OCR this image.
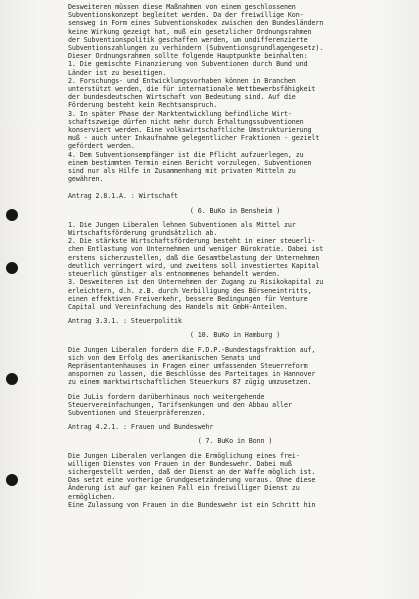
Desweiteren müssen diese Maßnahmen von einem geschlossenen

Subventionskonzept begleitet werden. Da der freiwillige Kon-

sensweg in Form eines Subventionskodex zwischen den Bundesländern

keine Wirkung gezeigt hat, muß ein gesetzlicher Ordnungsrahmen

der Subventionspolitik geschaffen werden, um undifferenzierte

Subventionszahlungen zu verhindern (Subventionsgrundlagengesetz).

Dieser Ordnungsrahmen sollte folgende Hauptpunkte beinhalten:

1. Die gemischte Finanzierung von Subventionen durch Bund und

Länder ist zu beseitigen.

2. Forschungs- und Entwicklungsvorhaben können in Branchen

unterstützt werden, die für internationale Wettbewerbsfähigkeit

der bundesdeutschen Wirtschaft von Bedeutung sind. Auf die

Förderung besteht kein Rechtsanspruch.

3. In später Phase der Marktentwicklung befindliche Wirt-

schaftszweige dürfen nicht mehr durch Erhaltungssubventionen

konserviert werden. Eine volkswirtschaftliche Umstrukturierung

muß - auch unter Inkaufnahme gelegentlicher Fraktionen - gezielt

gefördert werden.

4. Dem Subventionsempfänger ist die Pflicht aufzuerlegen, zu

einem bestimmten Termin einen Bericht vorzulegen. Subventionen

sind nur als Hilfe in Zusammenhang mit privaten Mitteln zu

gewähren.

Antrag 2.8.1.A. : Wirtschaft

( 6. BuKo in Bensheim )

1. Die Jungen Liberalen lehnen Subventionen als Mittel zur

Wirtschaftsförderung grundsätzlich ab.

2. Die stärkste Wirtschaftsförderung besteht in einer steuerli-

chen Entlastung von Unternehmen und weniger Bürokratie. Dabei ist

erstens sicherzustellen, daß die Gesamtbelastung der Unternehmen

deutlich verringert wird, und zweitens soll investiertes Kapital

steuerlich günstiger als entnommenes behandelt werden.

3. Desweiteren ist den Unternehmen der Zugang zu Risikokapital zu

erleichtern, d.h. z.B. durch Verbilligung des Börseneintritts,

einen effektiven Freiverkehr, bessere Bedingungen für Venture

Capital und Vereinfachung des Handels mit GmbH-Anteilen.

Antrag 3.3.1. : Steuerpolitik

( 10. BuKo in Hamburg )

Die Jungen Liberalen fordern die F.D.P.-Bundestagsfraktion auf,

sich von dem Erfolg des amerikanischen Senats und

Repräsentantenhauses in Fragen einer umfassenden Steuerreform

anspornen zu lassen, die Beschlüsse des Parteitages in Hannover

zu einem marktwirtschaftlichen Steuerkurs 87 zügig umzusetzen.

Die JuLis fordern darüberhinaus noch weitergehende

Steuervereinfachungen, Tarifsenkungen und den Abbau aller

Subventionen und Steuerpräferenzen.

Antrag 4.2.1. : Frauen und Bundeswehr

( 7. BuKo in Bonn )

Die Jungen Liberalen verlangen die Ermöglichung eines frei-

willigen Dienstes von Frauen in der Bundeswehr. Dabei muß

sichergestellt werden, daß der Dienst an der Waffe möglich ist.

Das setzt eine vorherige Grundgesetzänderung voraus. Ohne diese

Änderung ist auf gar keinen Fall ein freiwilliger Dienst zu

ermöglichen.

Eine Zulassung von Frauen in die Bundeswehr ist ein Schritt hin
